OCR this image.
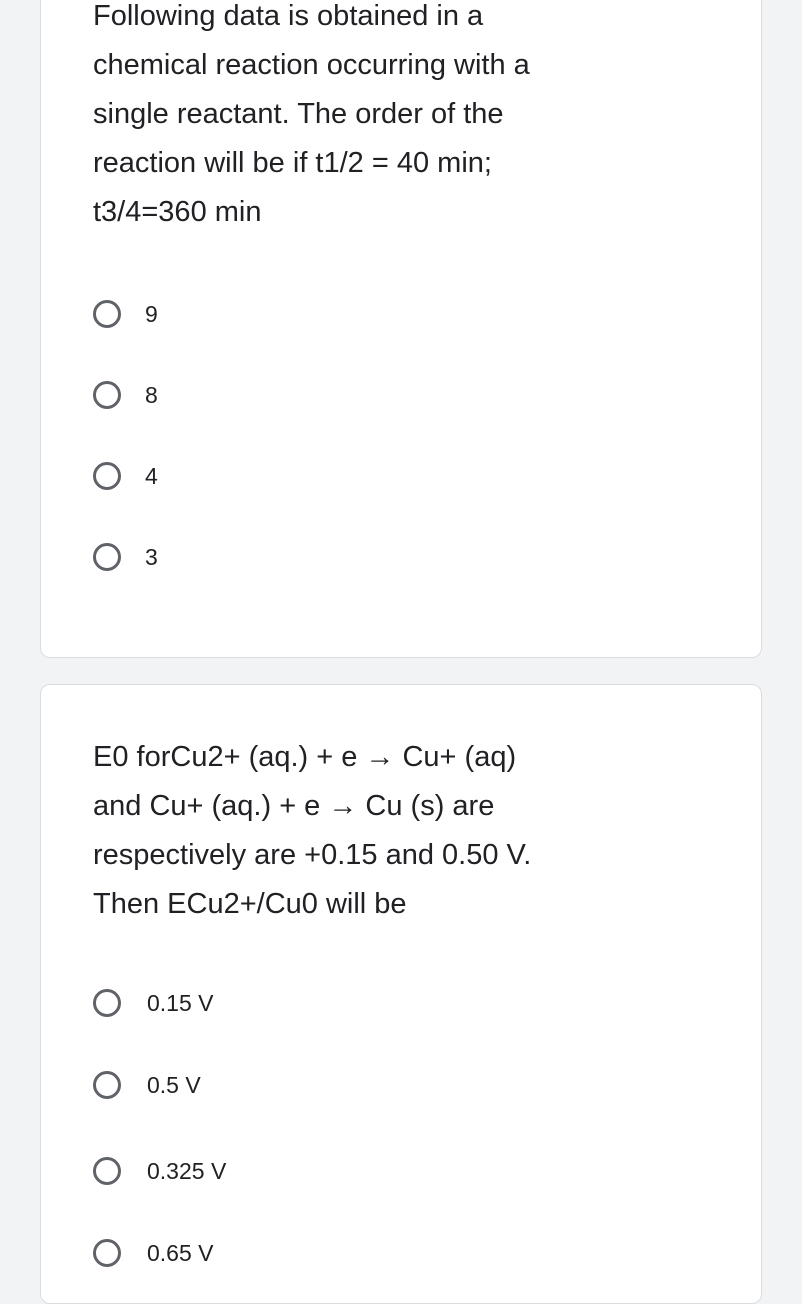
Following data is obtained in a
chemical reaction occurring with a
single reactant. The order of the
reaction will be if t1/2 = 40 min;
t3/4=360 min

9
8
4
3

E0 forCu2+ (aq.) + e → Cu+ (aq)
and Cu+ (aq.) + e → Cu (s) are
respectively are +0.15 and 0.50 V.
Then ECu2+/Cu0 will be

0.15 V
0.5 V
0.325 V
0.65 V
